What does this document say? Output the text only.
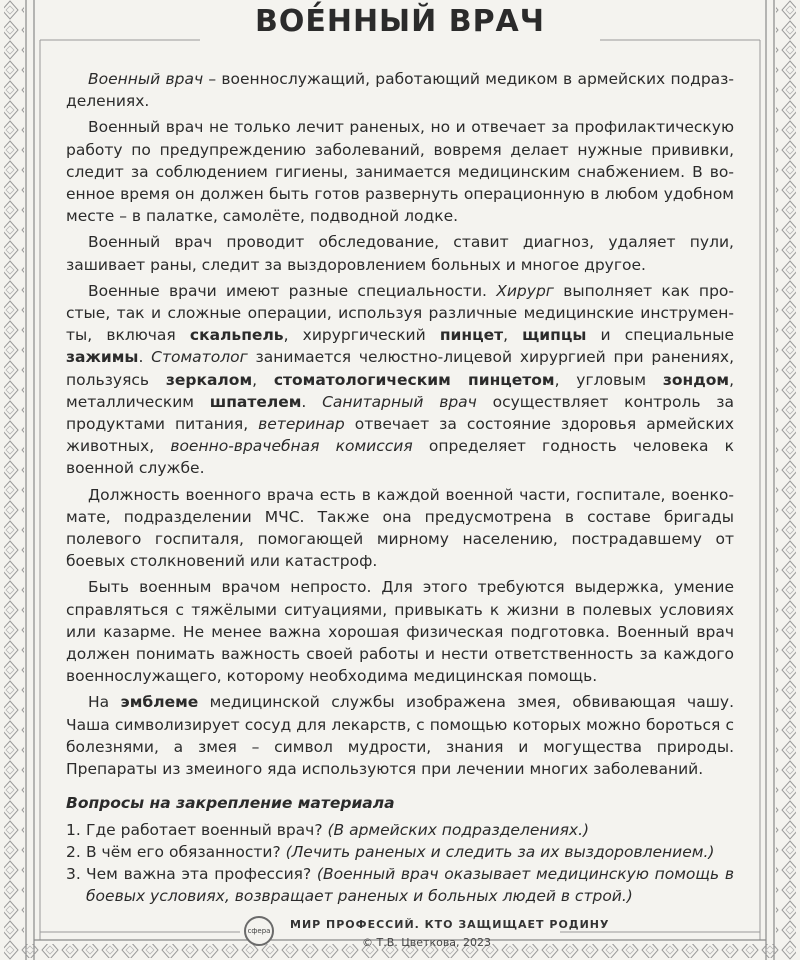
ВОЕ́ННЫЙ ВРАЧ

Военный врач – военнослужащий, работающий медиком в армейских подразделениях.

Военный врач не только лечит раненых, но и отвечает за профилактическую работу по предупреждению заболеваний, вовремя делает нужные прививки, следит за соблюдением гигиены, занимается медицинским снабжением. В военное время он должен быть готов развернуть операционную в любом удобном месте – в палатке, самолёте, подводной лодке.

Военный врач проводит обследование, ставит диагноз, удаляет пули, зашивает раны, следит за выздоровлением больных и многое другое.

Военные врачи имеют разные специальности. Хирург выполняет как простые, так и сложные операции, используя различные медицинские инструменты, включая скальпель, хирургический пинцет, щипцы и специальные зажимы. Стоматолог занимается челюстно-лицевой хирургией при ранениях, пользуясь зеркалом, стоматологическим пинцетом, угловым зондом, металлическим шпателем. Санитарный врач осуществляет контроль за продуктами питания, ветеринар отвечает за состояние здоровья армейских животных, военно-врачебная комиссия определяет годность человека к военной службе.

Должность военного врача есть в каждой военной части, госпитале, военкомате, подразделении МЧС. Также она предусмотрена в составе бригады полевого госпиталя, помогающей мирному населению, пострадавшему от боевых столкновений или катастроф.

Быть военным врачом непросто. Для этого требуются выдержка, умение справляться с тяжёлыми ситуациями, привыкать к жизни в полевых условиях или казарме. Не менее важна хорошая физическая подготовка. Военный врач должен понимать важность своей работы и нести ответственность за каждого военнослужащего, которому необходима медицинская помощь.

На эмблеме медицинской службы изображена змея, обвивающая чашу. Чаша символизирует сосуд для лекарств, с помощью которых можно бороться с болезнями, а змея – символ мудрости, знания и могущества природы. Препараты из змеиного яда используются при лечении многих заболеваний.

Вопросы на закрепление материала
1. Где работает военный врач? (В армейских подразделениях.)
2. В чём его обязанности? (Лечить раненых и следить за их выздоровлением.)
3. Чем важна эта профессия? (Военный врач оказывает медицинскую помощь в боевых условиях, возвращает раненых и больных людей в строй.)
сфера	МИР ПРОФЕССИЙ. КТО ЗАЩИЩАЕТ РОДИНУ
© Т.В. Цветкова, 2023
